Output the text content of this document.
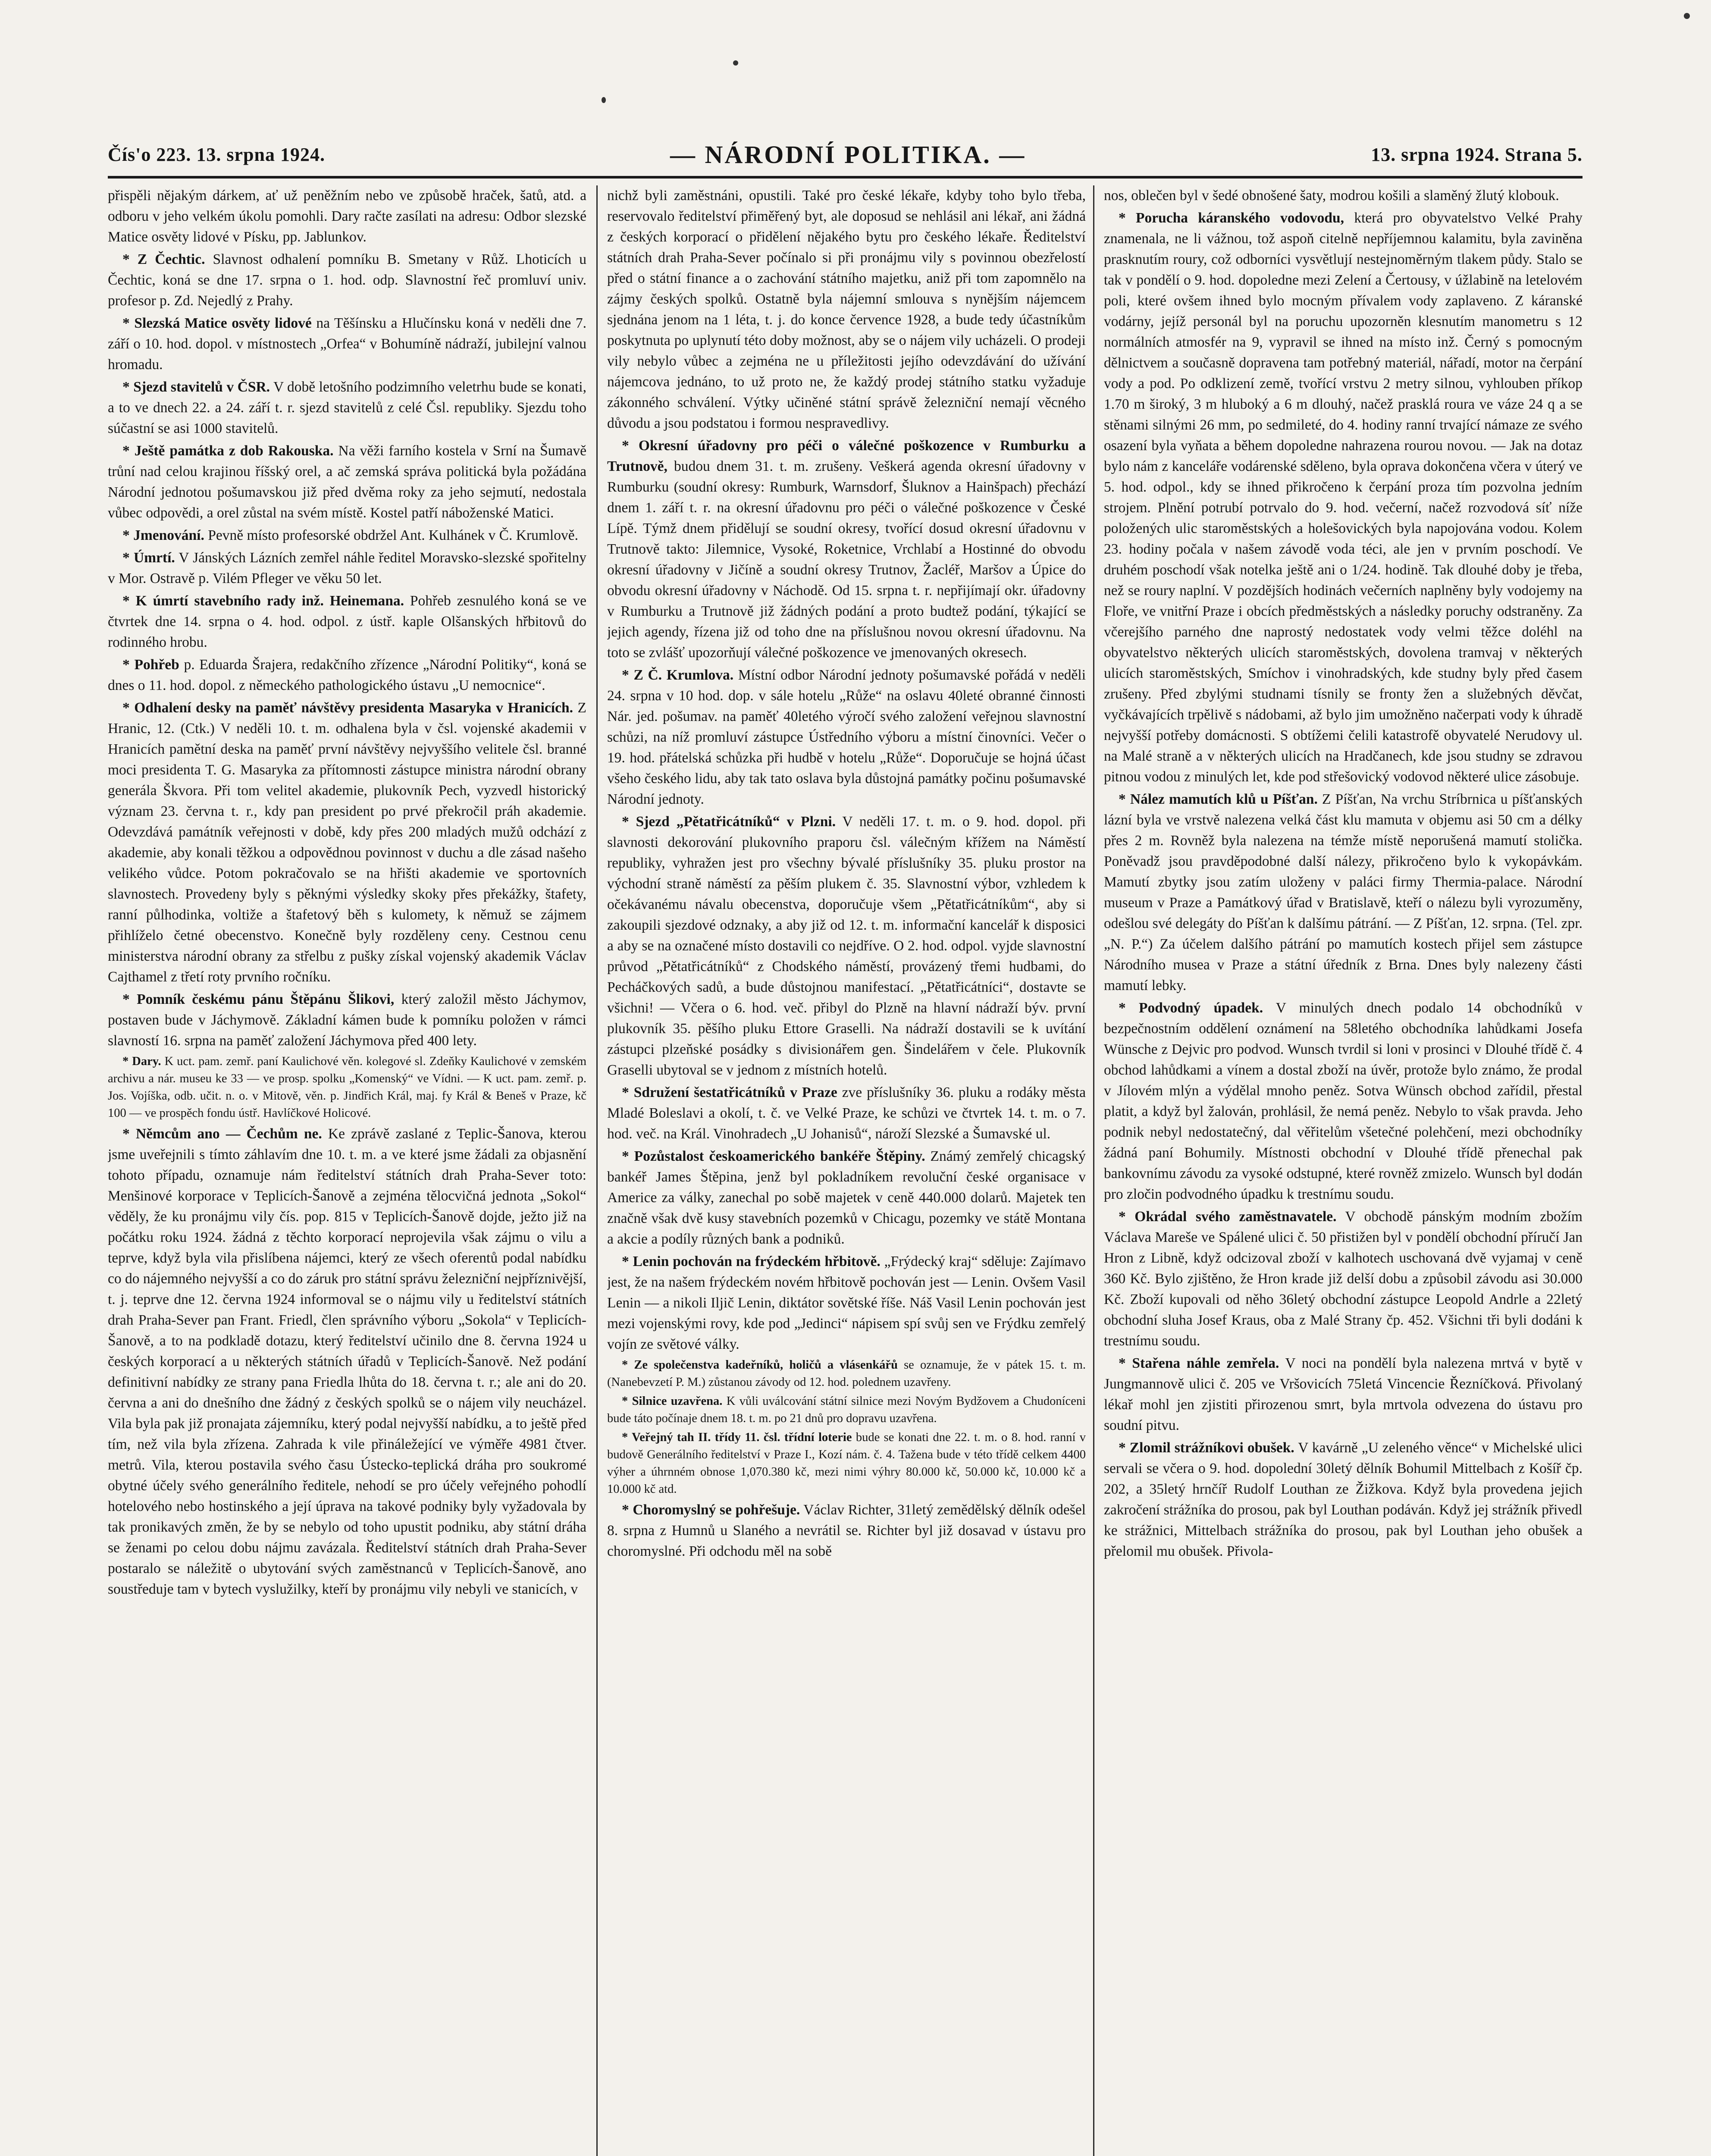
Čís'o 223. 13. srpna 1924.	— NÁRODNÍ POLITIKA. —	13. srpna 1924. Strana 5.

přispěli nějakým dárkem, ať už peněžním nebo ve způsobě hraček, šatů, atd. a odboru v jeho velkém úkolu pomohli. Dary račte zasílati na adresu: Odbor slezské Matice osvěty lidové v Písku, pp. Jablunkov.

* Z Čechtic. Slavnost odhalení pomníku B. Smetany v Růž. Lhoticích u Čechtic, koná se dne 17. srpna o 1. hod. odp. Slavnostní řeč promluví univ. profesor p. Zd. Nejedlý z Prahy.

* Slezská Matice osvěty lidové na Těšínsku a Hlučínsku koná v neděli dne 7. září o 10. hod. dopol. v místnostech „Orfea“ v Bohumíně nádraží, jubilejní valnou hromadu.

* Sjezd stavitelů v ČSR. V době letošního podzimního veletrhu bude se konati, a to ve dnech 22. a 24. září t. r. sjezd stavitelů z celé Čsl. republiky. Sjezdu toho súčastní se asi 1000 stavitelů.

* Ještě památka z dob Rakouska. Na věži farního kostela v Srní na Šumavě trůní nad celou krajinou říšský orel, a ač zemská správa politická byla požádána Národní jednotou pošumavskou již před dvěma roky za jeho sejmutí, nedostala vůbec odpovědi, a orel zůstal na svém místě. Kostel patří náboženské Matici.

* Jmenování. Pevně místo profesorské obdržel Ant. Kulhánek v Č. Krumlově.

* Úmrtí. V Jánských Lázních zemřel náhle ředitel Moravsko-slezské spořitelny v Mor. Ostravě p. Vilém Pfleger ve věku 50 let.

* K úmrtí stavebního rady inž. Heinemana. Pohřeb zesnulého koná se ve čtvrtek dne 14. srpna o 4. hod. odpol. z ústř. kaple Olšanských hřbitovů do rodinného hrobu.

* Pohřeb p. Eduarda Šrajera, redakčního zřízence „Národní Politiky“, koná se dnes o 11. hod. dopol. z německého pathologického ústavu „U nemocnice“.

* Odhalení desky na paměť návštěvy presidenta Masaryka v Hranicích. Z Hranic, 12. (Ctk.) V neděli 10. t. m. odhalena byla v čsl. vojenské akademii v Hranicích pamětní deska na paměť první návštěvy nejvyššího velitele čsl. branné moci presidenta T. G. Masaryka za přítomnosti zástupce ministra národní obrany generála Škvora. Při tom velitel akademie, plukovník Pech, vyzvedl historický význam 23. června t. r., kdy pan president po prvé překročil práh akademie. Odevzdává památník veřejnosti v době, kdy přes 200 mladých mužů odchází z akademie, aby konali těžkou a odpovědnou povinnost v duchu a dle zásad našeho velikého vůdce. Potom pokračovalo se na hřišti akademie ve sportovních slavnostech. Provedeny byly s pěknými výsledky skoky přes překážky, štafety, ranní půlhodinka, voltiže a štafetový běh s kulomety, k němuž se zájmem přihlíželo četné obecenstvo. Konečně byly rozděleny ceny. Cestnou cenu ministerstva národní obrany za střelbu z pušky získal vojenský akademik Václav Cajthamel z třetí roty prvního ročníku.

* Pomník českému pánu Štěpánu Šlikovi, který založil město Jáchymov, postaven bude v Jáchymově. Základní kámen bude k pomníku položen v rámci slavností 16. srpna na paměť založení Jáchymova před 400 lety.

* Dary. K uct. pam. zemř. paní Kaulichové věn. kolegové sl. Zdeňky Kaulichové v zemském archivu a nár. museu ke 33 — ve prosp. spolku „Komenský“ ve Vídni. — K uct. pam. zemř. p. Jos. Vojíška, odb. učit. n. o. v Mitově, věn. p. Jindřich Král, maj. fy Král & Beneš v Praze, kč 100 — ve prospěch fondu ústř. Havlíčkové Holicové.

* Němcům ano — Čechům ne. Ke zprávě zaslané z Teplic-Šanova, kterou jsme uveřejnili s tímto záhlavím dne 10. t. m. a ve které jsme žádali za objasnění tohoto případu, oznamuje nám ředitelství státních drah Praha-Sever toto: Menšinové korporace v Teplicích-Šanově a zejména tělocvičná jednota „Sokol“ věděly, že ku pronájmu vily čís. pop. 815 v Teplicích-Šanově dojde, ježto již na počátku roku 1924. žádná z těchto korporací neprojevila však zájmu o vilu a teprve, když byla vila přislíbena nájemci, který ze všech oferentů podal nabídku co do nájemného nejvyšší a co do záruk pro státní správu železniční nejpříznivější, t. j. teprve dne 12. června 1924 informoval se o nájmu vily u ředitelství státních drah Praha-Sever pan Frant. Friedl, člen správního výboru „Sokola“ v Teplicích-Šanově, a to na podkladě dotazu, který ředitelství učinilo dne 8. června 1924 u českých korporací a u některých státních úřadů v Teplicích-Šanově. Než podání definitivní nabídky ze strany pana Friedla lhůta do 18. června t. r.; ale ani do 20. června a ani do dnešního dne žádný z českých spolků se o nájem vily neucházel. Vila byla pak již pronajata zájemníku, který podal nejvyšší nabídku, a to ještě před tím, než vila byla zřízena. Zahrada k vile přináležející ve výměře 4981 čtver. metrů. Vila, kterou postavila svého času Ústecko-teplická dráha pro soukromé obytné účely svého generálního ředitele, nehodí se pro účely veřejného pohodlí hotelového nebo hostinského a její úprava na takové podniky byly vyžadovala by tak pronikavých změn, že by se nebylo od toho upustit podniku, aby státní dráha se ženami po celou dobu nájmu zavázala. Ředitelství státních drah Praha-Sever postaralo se náležitě o ubytování svých zaměstnanců v Teplicích-Šanově, ano soustředuje tam v bytech vyslužilky, kteří by pronájmu vily nebyli ve stanicích, v

nichž byli zaměstnáni, opustili. Také pro české lékaře, kdyby toho bylo třeba, reservovalo ředitelství přiměřený byt, ale doposud se nehlásil ani lékař, ani žádná z českých korporací o přidělení nějakého bytu pro českého lékaře. Ředitelství státních drah Praha-Sever počínalo si při pronájmu vily s povinnou obezřelostí před o státní finance a o zachování státního majetku, aniž při tom zapomnělo na zájmy českých spolků. Ostatně byla nájemní smlouva s nynějším nájemcem sjednána jenom na 1 léta, t. j. do konce července 1928, a bude tedy účastníkům poskytnuta po uplynutí této doby možnost, aby se o nájem vily ucházeli. O prodeji vily nebylo vůbec a zejména ne u příležitosti jejího odevzdávání do užívání nájemcova jednáno, to už proto ne, že každý prodej státního statku vyžaduje zákonného schválení. Výtky učiněné státní správě železniční nemají věcného důvodu a jsou podstatou i formou nespravedlivy.

* Okresní úřadovny pro péči o válečné poškozence v Rumburku a Trutnově, budou dnem 31. t. m. zrušeny. Veškerá agenda okresní úřadovny v Rumburku (soudní okresy: Rumburk, Warnsdorf, Šluknov a Hainšpach) přechází dnem 1. září t. r. na okresní úřadovnu pro péči o válečné poškozence v České Lípě. Týmž dnem přidělují se soudní okresy, tvořící dosud okresní úřadovnu v Trutnově takto: Jilemnice, Vysoké, Roketnice, Vrchlabí a Hostinné do obvodu okresní úřadovny v Jičíně a soudní okresy Trutnov, Žacléř, Maršov a Úpice do obvodu okresní úřadovny v Náchodě. Od 15. srpna t. r. nepřijímají okr. úřadovny v Rumburku a Trutnově již žádných podání a proto budtež podání, týkající se jejich agendy, řízena již od toho dne na příslušnou novou okresní úřadovnu. Na toto se zvlášť upozorňují válečné poškozence ve jmenovaných okresech.

* Z Č. Krumlova. Místní odbor Národní jednoty pošumavské pořádá v neděli 24. srpna v 10 hod. dop. v sále hotelu „Růže“ na oslavu 40leté obranné činnosti Nár. jed. pošumav. na paměť 40letého výročí svého založení veřejnou slavnostní schůzi, na níž promluví zástupce Ústředního výboru a místní činovníci. Večer o 19. hod. přátelská schůzka při hudbě v hotelu „Růže“. Doporučuje se hojná účast všeho českého lidu, aby tak tato oslava byla důstojná památky počinu pošumavské Národní jednoty.

* Sjezd „Pětatřicátníků“ v Plzni. V neděli 17. t. m. o 9. hod. dopol. při slavnosti dekorování plukovního praporu čsl. válečným křížem na Náměstí republiky, vyhražen jest pro všechny bývalé příslušníky 35. pluku prostor na východní straně náměstí za pěším plukem č. 35. Slavnostní výbor, vzhledem k očekávanému návalu obecenstva, doporučuje všem „Pětatřicátníkům“, aby si zakoupili sjezdové odznaky, a aby již od 12. t. m. informační kancelář k disposici a aby se na označené místo dostavili co nejdříve. O 2. hod. odpol. vyjde slavnostní průvod „Pětatřicátníků“ z Chodského náměstí, provázený třemi hudbami, do Pecháčkových sadů, a bude důstojnou manifestací. „Pětatřicátníci“, dostavte se všichni! — Včera o 6. hod. več. přibyl do Plzně na hlavní nádraží býv. první plukovník 35. pěšího pluku Ettore Graselli. Na nádraží dostavili se k uvítání zástupci plzeňské posádky s divisionářem gen. Šindelářem v čele. Plukovník Graselli ubytoval se v jednom z místních hotelů.

* Sdružení šestatřicátníků v Praze zve příslušníky 36. pluku a rodáky města Mladé Boleslavi a okolí, t. č. ve Velké Praze, ke schůzi ve čtvrtek 14. t. m. o 7. hod. več. na Král. Vinohradech „U Johanisů“, nároží Slezské a Šumavské ul.

* Pozůstalost českoamerického bankéře Štěpiny. Známý zemřelý chicagský bankéř James Štěpina, jenž byl pokladníkem revoluční české organisace v Americe za války, zanechal po sobě majetek v ceně 440.000 dolarů. Majetek ten značně však dvě kusy stavebních pozemků v Chicagu, pozemky ve státě Montana a akcie a podíly různých bank a podniků.

* Lenin pochován na frýdeckém hřbitově. „Frýdecký kraj“ sděluje: Zajímavo jest, že na našem frýdeckém novém hřbitově pochován jest — Lenin. Ovšem Vasil Lenin — a nikoli Iljič Lenin, diktátor sovětské říše. Náš Vasil Lenin pochován jest mezi vojenskými rovy, kde pod „Jedinci“ nápisem spí svůj sen ve Frýdku zemřelý vojín ze světové války.

* Ze společenstva kadeřníků, holičů a vlásenkářů se oznamuje, že v pátek 15. t. m. (Nanebevzetí P. M.) zůstanou závody od 12. hod. polednem uzavřeny.

* Silnice uzavřena. K vůli uválcování státní silnice mezi Novým Bydžovem a Chudoníceni bude táto počínaje dnem 18. t. m. po 21 dnů pro dopravu uzavřena.

* Veřejný tah II. třídy 11. čsl. třídní loterie bude se konati dne 22. t. m. o 8. hod. ranní v budově Generálního ředitelství v Praze I., Kozí nám. č. 4. Tažena bude v této třídě celkem 4400 výher a úhrnném obnose 1,070.380 kč, mezi nimi výhry 80.000 kč, 50.000 kč, 10.000 kč a 10.000 kč atd.

* Choromyslný se pohřešuje. Václav Richter, 31letý zemědělský dělník odešel 8. srpna z Humnů u Slaného a nevrátil se. Richter byl již dosavad v ústavu pro choromyslné. Při odchodu měl na sobě

nos, oblečen byl v šedé obnošené šaty, modrou košili a slaměný žlutý klobouk.

* Porucha káranského vodovodu, která pro obyvatelstvo Velké Prahy znamenala, ne li vážnou, tož aspoň citelně nepříjemnou kalamitu, byla zaviněna prasknutím roury, což odborníci vysvětlují nestejnoměrným tlakem půdy. Stalo se tak v pondělí o 9. hod. dopoledne mezi Zelení a Čertousy, v úžlabině na letelovém poli, které ovšem ihned bylo mocným přívalem vody zaplaveno. Z káranské vodárny, jejíž personál byl na poruchu upozorněn klesnutím manometru s 12 normálních atmosfér na 9, vypravil se ihned na místo inž. Černý s pomocným dělnictvem a současně dopravena tam potřebný materiál, nářadí, motor na čerpání vody a pod. Po odklizení země, tvořící vrstvu 2 metry silnou, vyhlouben příkop 1.70 m široký, 3 m hluboký a 6 m dlouhý, načež prasklá roura ve váze 24 q a se stěnami silnými 26 mm, po sedmileté, do 4. hodiny ranní trvající námaze ze svého osazení byla vyňata a během dopoledne nahrazena rourou novou. — Jak na dotaz bylo nám z kanceláře vodárenské sděleno, byla oprava dokončena včera v úterý ve 5. hod. odpol., kdy se ihned přikročeno k čerpání proza tím pozvolna jedním strojem. Plnění potrubí potrvalo do 9. hod. večerní, načež rozvodová síť níže položených ulic staroměstských a holešovických byla napojována vodou. Kolem 23. hodiny počala v našem závodě voda téci, ale jen v prvním poschodí. Ve druhém poschodí však notelka ještě ani o 1/24. hodině. Tak dlouhé doby je třeba, než se roury naplní. V pozdějších hodinách večerních naplněny byly vodojemy na Floře, ve vnitřní Praze i obcích předměstských a následky poruchy odstraněny. Za včerejšího parného dne naprostý nedostatek vody velmi těžce doléhl na obyvatelstvo některých ulicích staroměstských, dovolena tramvaj v některých ulicích staroměstských, Smíchov i vinohradských, kde studny byly před časem zrušeny. Před zbylými studnami tísnily se fronty žen a služebných děvčat, vyčkávajících trpělivě s nádobami, až bylo jim umožněno načerpati vody k úhradě nejvyšší potřeby domácnosti. S obtížemi čelili katastrofě obyvatelé Nerudovy ul. na Malé straně a v některých ulicích na Hradčanech, kde jsou studny se zdravou pitnou vodou z minulých let, kde pod střešovický vodovod některé ulice zásobuje.

* Nález mamutích klů u Píšťan. Z Píšťan, Na vrchu Stríbrnica u píšťanských lázní byla ve vrstvě nalezena velká část klu mamuta v objemu asi 50 cm a délky přes 2 m. Rovněž byla nalezena na témže místě neporušená mamutí stolička. Poněvadž jsou pravděpodobné další nálezy, přikročeno bylo k vykopávkám. Mamutí zbytky jsou zatím uloženy v paláci firmy Thermia-palace. Národní museum v Praze a Památkový úřad v Bratislavě, kteří o nálezu byli vyrozuměny, odešlou své delegáty do Píšťan k dalšímu pátrání. — Z Píšťan, 12. srpna. (Tel. zpr. „N. P.“) Za účelem dalšího pátrání po mamutích kostech přijel sem zástupce Národního musea v Praze a státní úředník z Brna. Dnes byly nalezeny části mamutí lebky.

* Podvodný úpadek. V minulých dnech podalo 14 obchodníků v bezpečnostním oddělení oznámení na 58letého obchodníka lahůdkami Josefa Wünsche z Dejvic pro podvod. Wunsch tvrdil si loni v prosinci v Dlouhé třídě č. 4 obchod lahůdkami a vínem a dostal zboží na úvěr, protože bylo známo, že prodal v Jílovém mlýn a výdělal mnoho peněz. Sotva Wünsch obchod zařídil, přestal platit, a když byl žalován, prohlásil, že nemá peněz. Nebylo to však pravda. Jeho podnik nebyl nedostatečný, dal věřitelům všetečné polehčení, mezi obchodníky žádná paní Bohumily. Místnosti obchodní v Dlouhé třídě přenechal pak bankovnímu závodu za vysoké odstupné, které rovněž zmizelo. Wunsch byl dodán pro zločin podvodného úpadku k trestnímu soudu.

* Okrádal svého zaměstnavatele. V obchodě pánským modním zbožím Václava Mareše ve Spálené ulici č. 50 přistižen byl v pondělí obchodní příručí Jan Hron z Libně, když odcizoval zboží v kalhotech uschovaná dvě vyjamaj v ceně 360 Kč. Bylo zjištěno, že Hron krade již delší dobu a způsobil závodu asi 30.000 Kč. Zboží kupovali od něho 36letý obchodní zástupce Leopold Andrle a 22letý obchodní sluha Josef Kraus, oba z Malé Strany čp. 452. Všichni tři byli dodáni k trestnímu soudu.

* Stařena náhle zemřela. V noci na pondělí byla nalezena mrtvá v bytě v Jungmannově ulici č. 205 ve Vršovicích 75letá Vincencie Řezníčková. Přivolaný lékař mohl jen zjistiti přirozenou smrt, byla mrtvola odvezena do ústavu pro soudní pitvu.

* Zlomil strážníkovi obušek. V kavárně „U zeleného věnce“ v Michelské ulici servali se včera o 9. hod. dopolední 30letý dělník Bohumil Mittelbach z Košíř čp. 202, a 35letý hrnčíř Rudolf Louthan ze Žižkova. Když byla provedena jejich zakročení strážníka do prosou, pak byl Louthan podáván. Když jej strážník přivedl ke strážnici, Mittelbach strážníka do prosou, pak byl Louthan jeho obušek a přelomil mu obušek. Přivola-
